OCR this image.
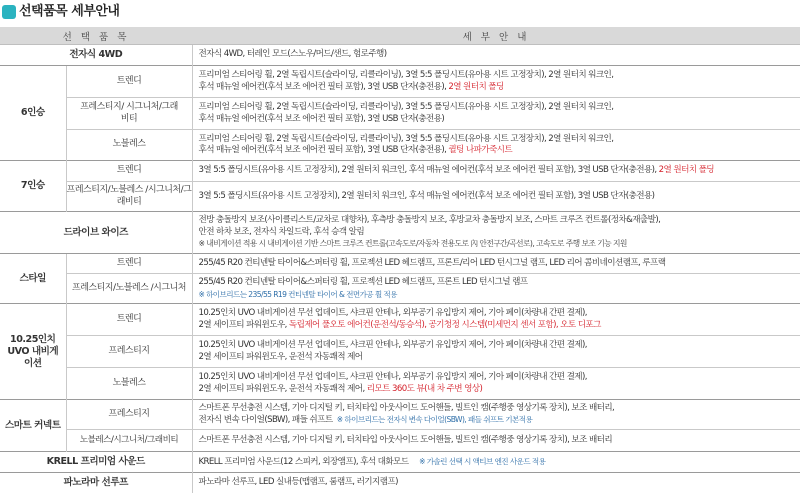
선택품목 세부안내
선 택 품 목		세 부 안 내
전자식 4WD		전자식 4WD, 터레인 모드(스노우/머드/샌드, 험로주행)
6인승	트렌디	프리미엄 스티어링 휠, 2열 독립시트(슬라이딩, 리클라이닝), 3열 5:5 폴딩시트(유아용 시트 고정장치), 2열 원터치 워크인,
후석 매뉴얼 에어컨(후석 보조 에어컨 필터 포함), 3열 USB 단자(충전용), 2열 원터치 폴딩

	프레스티지/ 시그니처/그래비티	프리미엄 스티어링 휠, 2열 독립시트(슬라이딩, 리클라이닝), 3열 5:5 폴딩시트(유아용 시트 고정장치), 2열 원터치 워크인,
후석 매뉴얼 에어컨(후석 보조 에어컨 필터 포함), 3열 USB 단자(충전용)

	노블레스	프리미엄 스티어링 휠, 2열 독립시트(슬라이딩, 리클라이닝), 3열 5:5 폴딩시트(유아용 시트 고정장치), 2열 원터치 워크인,
후석 매뉴얼 에어컨(후석 보조 에어컨 필터 포함), 3열 USB 단자(충전용), 퀼팅 나파가죽시트

7인승	트렌디	3열 5:5 폴딩시트(유아용 시트 고정장치), 2열 원터치 워크인, 후석 매뉴얼 에어컨(후석 보조 에어컨 필터 포함), 3열 USB 단자(충전용), 2열 원터치 폴딩
	프레스티지/노블레스 /시그니처/그래비티	3열 5:5 폴딩시트(유아용 시트 고정장치), 2열 원터치 워크인, 후석 매뉴얼 에어컨(후석 보조 에어컨 필터 포함), 3열 USB 단자(충전용)
드라이브 와이즈		전방 충돌방지 보조(사이클리스트/교차로 대향차), 후측방 충돌방지 보조, 후방교차 충돌방지 보조, 스마트 크루즈 컨트롤(정차&재출발),
안전 하차 보조, 전자식 차일드락, 후석 승객 알림
※ 내비게이션 적용 시 내비게이션 기반 스마트 크루즈 컨트롤(고속도로/자동차 전용도로 內 안전구간/곡선로), 고속도로 주행 보조 기능 지원

스타일	트렌디	255/45 R20 컨티넨탈 타이어&스퍼터링 휠, 프로젝션 LED 헤드램프, 프론트/리어 LED 턴시그널 램프, LED 리어 콤비네이션램프, 루프랙
	프레스티지/노블레스 /시그니처	255/45 R20 컨티넨탈 타이어&스퍼터링 휠, 프로젝션 LED 헤드램프, 프론트 LED 턴시그널 램프
※ 하이브리드는 235/55 R19 컨티넨탈 타이어 & 전면가공 휠 적용

10.25인치 UVO 내비게이션	트렌디	10.25인치 UVO 내비게이션 무선 업데이트, 샤크핀 안테나, 외부공기 유입방지 제어, 기아 페이(차량내 간편 결제),
2열 세이프티 파워윈도우, 독립제어 풀오토 에어컨(운전석/동승석), 공기청정 시스템(미세먼지 센서 포함), 오토 디포그

	프레스티지	10.25인치 UVO 내비게이션 무선 업데이트, 샤크핀 안테나, 외부공기 유입방지 제어, 기아 페이(차량내 간편 결제),
2열 세이프티 파워윈도우, 운전석 자동쾌적 제어

	노블레스	10.25인치 UVO 내비게이션 무선 업데이트, 샤크핀 안테나, 외부공기 유입방지 제어, 기아 페이(차량내 간편 결제),
2열 세이프티 파워윈도우, 운전석 자동쾌적 제어, 리모트 360도 뷰(내 차 주변 영상)

스마트 커넥트	프레스티지	스마트폰 무선충전 시스템, 기아 디지털 키, 터치타입 아웃사이드 도어핸들, 빌트인 캠(주행중 영상기록 장치), 보조 배터리,
전자식 변속 다이얼(SBW), 패들 쉬프트 ※ 하이브리드는 전자식 변속 다이얼(SBW), 패들 쉬프트 기본적용

	노블레스/시그니처/그래비티	스마트폰 무선충전 시스템, 기아 디지털 키, 터치타입 아웃사이드 도어핸들, 빌트인 캠(주행중 영상기록 장치), 보조 배터리
KRELL 프리미엄 사운드		KRELL 프리미엄 사운드(12 스피커, 외장앰프), 후석 대화모드 ※ 가솔린 선택 시 액티브 엔진 사운드 적용
파노라마 선루프		파노라마 선루프, LED 실내등(맵램프, 룸램프, 러기지램프)
